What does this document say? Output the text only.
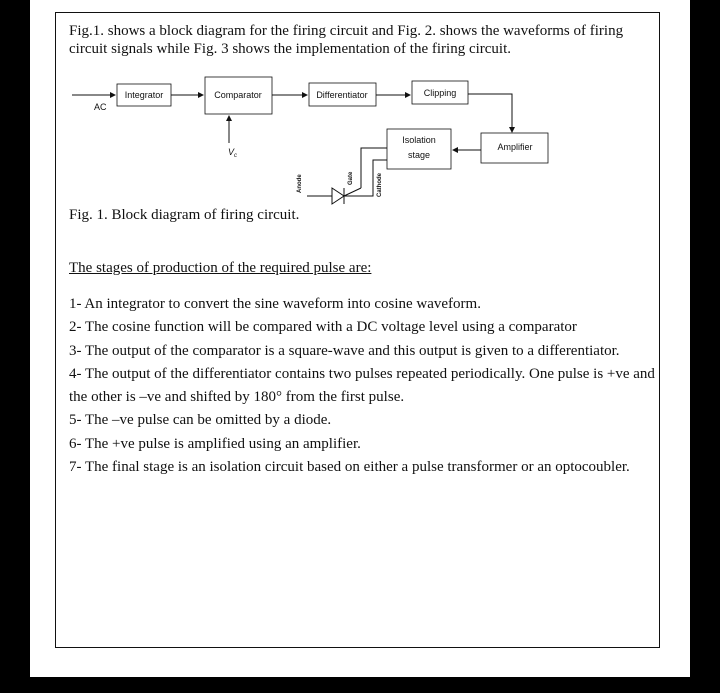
Fig.1. shows a block diagram for the firing circuit and Fig. 2. shows the waveforms of firing circuit signals while Fig. 3 shows the implementation of the firing circuit.

AC
Integrator	Comparator
$V_c$
Differentiator	Clipping
Amplifier
Isolation
stage
Anode	Gate	Cathode
Fig. 1. Block diagram of firing circuit.
The stages of production of the required pulse are:
1- An integrator to convert the sine waveform into cosine waveform.
2- The cosine function will be compared with a DC voltage level using a comparator
3- The output of the comparator is a square-wave and this output is given to a differentiator.
4- The output of the differentiator contains two pulses repeated periodically. One pulse is +ve and the other is –ve and shifted by 180° from the first pulse.
5- The –ve pulse can be omitted by a diode.
6- The +ve pulse is amplified using an amplifier.
7- The final stage is an isolation circuit based on either a pulse transformer or an optocoubler.
